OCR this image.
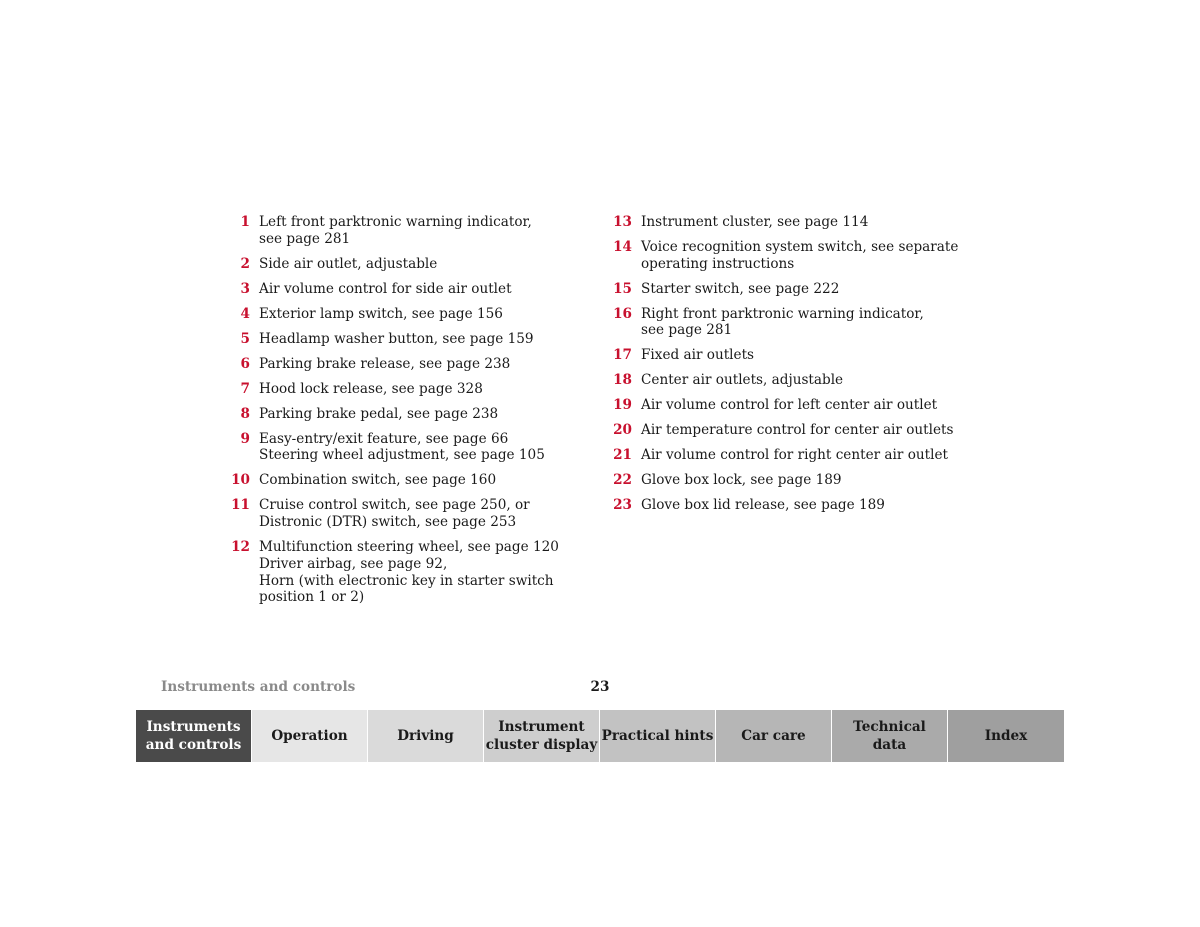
1 Left front parktronic warning indicator,
see page 281
2 Side air outlet, adjustable
3 Air volume control for side air outlet
4 Exterior lamp switch, see page 156
5 Headlamp washer button, see page 159
6 Parking brake release, see page 238
7 Hood lock release, see page 328
8 Parking brake pedal, see page 238
9 Easy-entry/exit feature, see page 66
Steering wheel adjustment, see page 105
10 Combination switch, see page 160
11 Cruise control switch, see page 250, or
Distronic (DTR) switch, see page 253
12 Multifunction steering wheel, see page 120
Driver airbag, see page 92,
Horn (with electronic key in starter switch
position 1 or 2)
13 Instrument cluster, see page 114
14 Voice recognition system switch, see separate
operating instructions
15 Starter switch, see page 222
16 Right front parktronic warning indicator,
see page 281
17 Fixed air outlets
18 Center air outlets, adjustable
19 Air volume control for left center air outlet
20 Air temperature control for center air outlets
21 Air volume control for right center air outlet
22 Glove box lock, see page 189
23 Glove box lid release, see page 189
Instruments and controls	23
Instruments
and controls
Operation	Driving
Instrument
cluster display
Practical hints	Car care
Technical
data
Index
